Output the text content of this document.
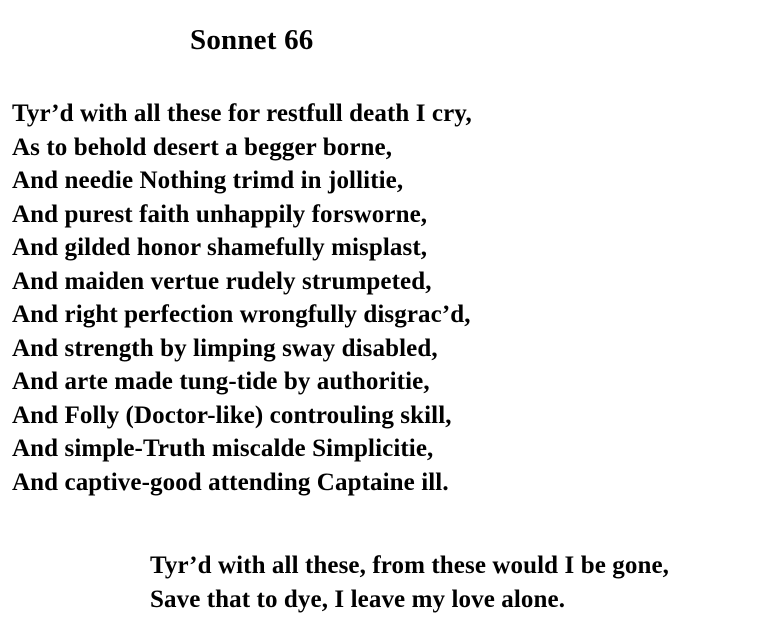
Sonnet 66
Tyr’d with all these for restfull death I cry,
As to behold desert a begger borne,
And needie Nothing trimd in jollitie,
And purest faith unhappily forsworne,
And gilded honor shamefully misplast,
And maiden vertue rudely strumpeted,
And right perfection wrongfully disgrac’d,
And strength by limping sway disabled,
And arte made tung-tide by authoritie,
And Folly (Doctor-like) controuling skill,
And simple-Truth miscalde Simplicitie,
And captive-good attending Captaine ill.
Tyr’d with all these, from these would I be gone,
Save that to dye, I leave my love alone.
